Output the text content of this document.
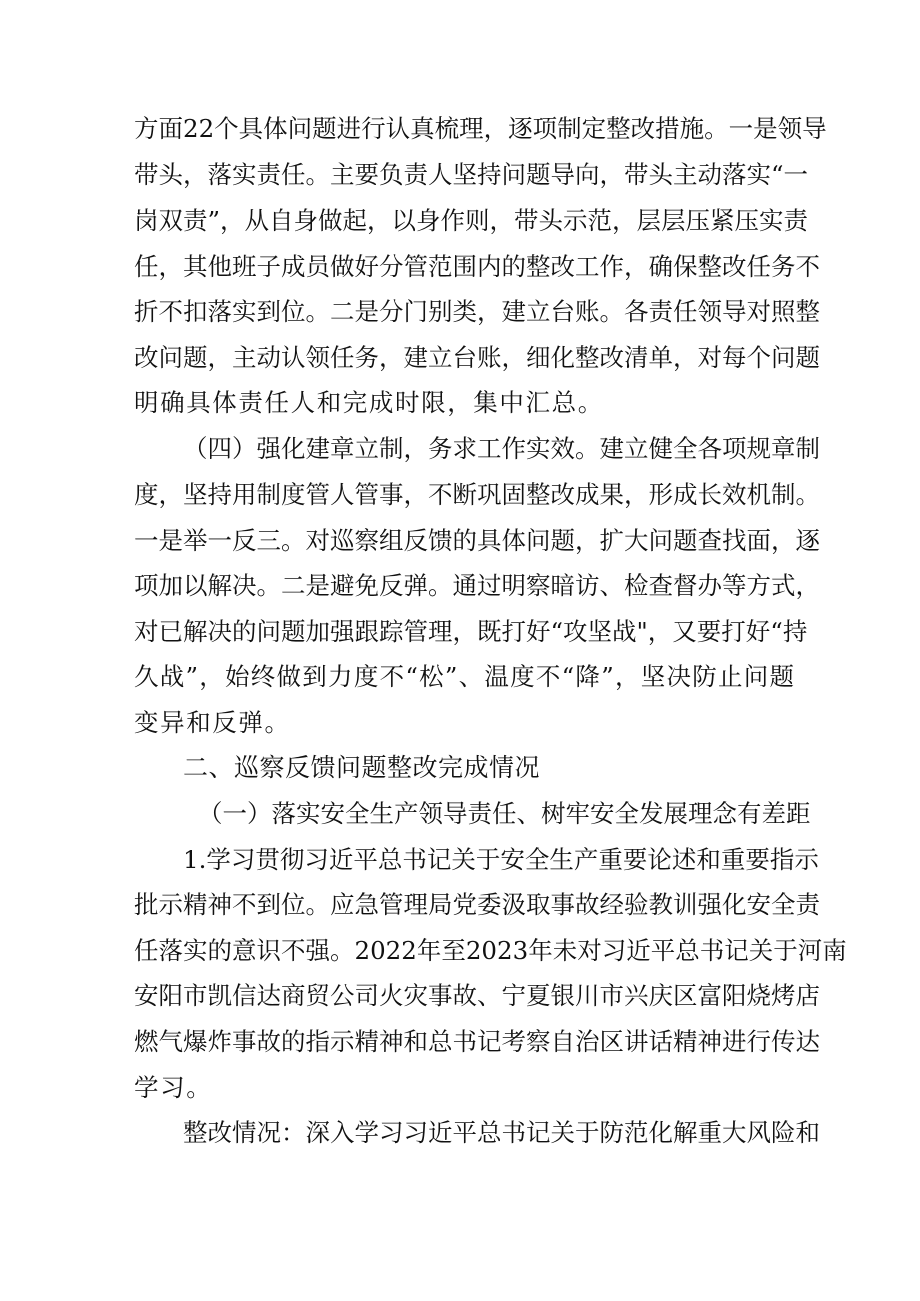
方面22个具体问题进行认真梳理，逐项制定整改措施。一是领导
带头，落实责任。主要负责人坚持问题导向，带头主动落实“一
岗双责”，从自身做起，以身作则，带头示范，层层压紧压实责
任，其他班子成员做好分管范围内的整改工作，确保整改任务不
折不扣落实到位。二是分门别类，建立台账。各责任领导对照整
改问题，主动认领任务，建立台账，细化整改清单，对每个问题
明确具体责任人和完成时限，集中汇总。
（四）强化建章立制，务求工作实效。建立健全各项规章制
度，坚持用制度管人管事，不断巩固整改成果，形成长效机制。
一是举一反三。对巡察组反馈的具体问题，扩大问题查找面，逐
项加以解决。二是避免反弹。通过明察暗访、检查督办等方式，
对已解决的问题加强跟踪管理，既打好“攻坚战"，又要打好“持
久战”，始终做到力度不“松”、温度不“降”，坚决防止问题
变异和反弹。
二、巡察反馈问题整改完成情况
（一）落实安全生产领导责任、树牢安全发展理念有差距
1.学习贯彻习近平总书记关于安全生产重要论述和重要指示
批示精神不到位。应急管理局党委汲取事故经验教训强化安全责
任落实的意识不强。2022年至2023年未对习近平总书记关于河南
安阳市凯信达商贸公司火灾事故、宁夏银川市兴庆区富阳烧烤店
燃气爆炸事故的指示精神和总书记考察自治区讲话精神进行传达
学习。
整改情况：深入学习习近平总书记关于防范化解重大风险和
